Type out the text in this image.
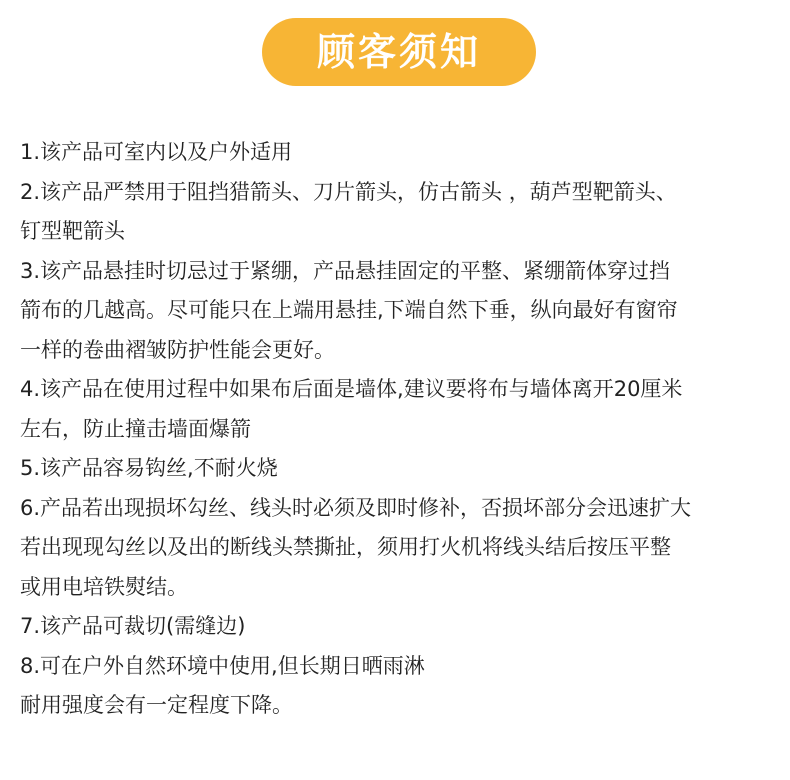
顾客须知
1.该产品可室内以及户外适用
2.该产品严禁用于阻挡猎箭头、刀片箭头，仿古箭头 ，葫芦型靶箭头、
钉型靶箭头
3.该产品悬挂时切忌过于紧绷，产品悬挂固定的平整、紧绷箭体穿过挡
箭布的几越高。尽可能只在上端用悬挂,下端自然下垂，纵向最好有窗帘
一样的卷曲褶皱防护性能会更好。
4.该产品在使用过程中如果布后面是墙体,建议要将布与墙体离开20厘米
左右，防止撞击墙面爆箭
5.该产品容易钩丝,不耐火烧
6.产品若出现损坏勾丝、线头时必须及即时修补，否损坏部分会迅速扩大
若出现现勾丝以及出的断线头禁撕扯，须用打火机将线头结后按压平整
或用电培铁熨结。
7.该产品可裁切(需缝边)
8.可在户外自然环境中使用,但长期日晒雨淋
耐用强度会有一定程度下降。
